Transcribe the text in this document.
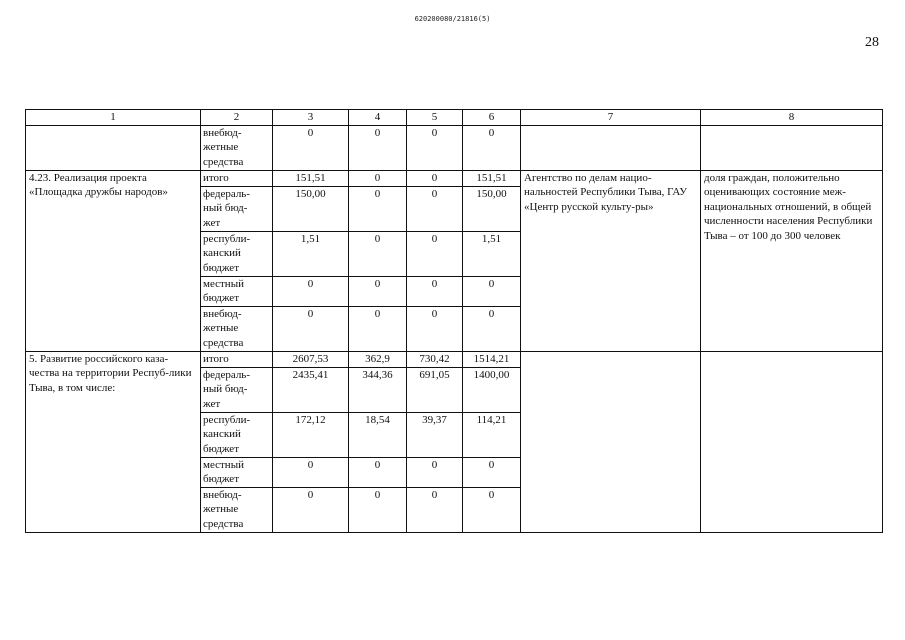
620200080/21816(5)
28
1	2	3	4	5	6	7	8
	внебюд-
жетные
средства	0	0	0	0		
4.23. Реализация проекта «Площадка дружбы народов»	итого	151,51	0	0	151,51	Агентство по делам нацио-нальностей Республики Тыва, ГАУ «Центр русской культу-ры»	доля граждан, положительно оценивающих состояние меж-национальных отношений, в общей численности населения Республики Тыва – от 100 до 300 человек
	федераль-
ный бюд-
жет	150,00	0	0	150,00		
	республи-
канский
бюджет	1,51	0	0	1,51		
	местный
бюджет	0	0	0	0		
	внебюд-
жетные
средства	0	0	0	0		
5. Развитие российского каза-чества на территории Респуб-лики Тыва, в том числе:	итого	2607,53	362,9	730,42	1514,21		
	федераль-
ный бюд-
жет	2435,41	344,36	691,05	1400,00		
	республи-
канский
бюджет	172,12	18,54	39,37	114,21		
	местный
бюджет	0	0	0	0		
	внебюд-
жетные
средства	0	0	0	0		
